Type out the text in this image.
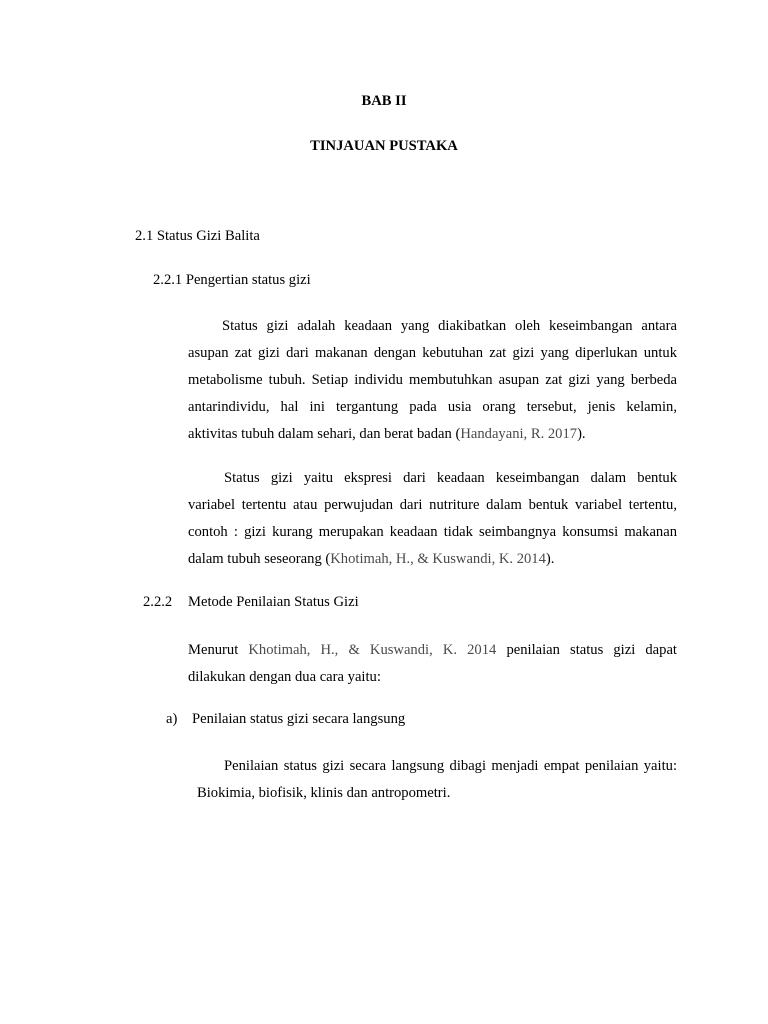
BAB II
TINJAUAN PUSTAKA
2.1 Status Gizi Balita
2.2.1 Pengertian status gizi
Status gizi adalah keadaan yang diakibatkan oleh keseimbangan antara
asupan zat gizi dari makanan dengan kebutuhan zat gizi yang diperlukan untuk
metabolisme tubuh. Setiap individu membutuhkan asupan zat gizi yang berbeda
antarindividu, hal ini tergantung pada usia orang tersebut, jenis kelamin,
aktivitas tubuh dalam sehari, dan berat badan (Handayani, R. 2017).
Status gizi yaitu ekspresi dari keadaan keseimbangan dalam bentuk
variabel tertentu atau perwujudan dari nutriture dalam bentuk variabel tertentu,
contoh : gizi kurang merupakan keadaan tidak seimbangnya konsumsi makanan
dalam tubuh seseorang (Khotimah, H., & Kuswandi, K. 2014).
2.2.2 Metode Penilaian Status Gizi
Menurut Khotimah, H., & Kuswandi, K. 2014 penilaian status gizi dapat
dilakukan dengan dua cara yaitu:
a) Penilaian status gizi secara langsung
Penilaian status gizi secara langsung dibagi menjadi empat penilaian yaitu:
Biokimia, biofisik, klinis dan antropometri.
